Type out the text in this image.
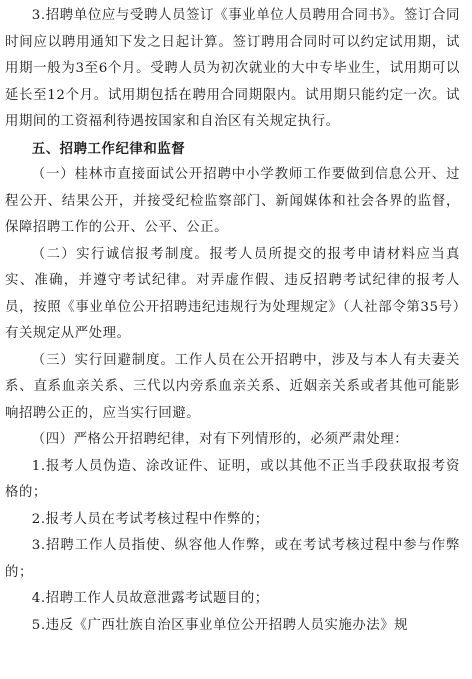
3.招聘单位应与受聘人员签订《事业单位人员聘用合同书》。签订合同时间应以聘用通知下发之日起计算。签订聘用合同时可以约定试用期，试用期一般为3至6个月。受聘人员为初次就业的大中专毕业生，试用期可以延长至12个月。试用期包括在聘用合同期限内。试用期只能约定一次。试用期间的工资福利待遇按国家和自治区有关规定执行。

五、招聘工作纪律和监督

（一）桂林市直接面试公开招聘中小学教师工作要做到信息公开、过程公开、结果公开，并接受纪检监察部门、新闻媒体和社会各界的监督，保障招聘工作的公开、公平、公正。

（二）实行诚信报考制度。报考人员所提交的报考申请材料应当真实、准确，并遵守考试纪律。对弄虚作假、违反招聘考试纪律的报考人员，按照《事业单位公开招聘违纪违规行为处理规定》（人社部令第35号）有关规定从严处理。

（三）实行回避制度。工作人员在公开招聘中，涉及与本人有夫妻关系、直系血亲关系、三代以内旁系血亲关系、近姻亲关系或者其他可能影响招聘公正的，应当实行回避。

（四）严格公开招聘纪律，对有下列情形的，必须严肃处理：

1.报考人员伪造、涂改证件、证明，或以其他不正当手段获取报考资格的；

2.报考人员在考试考核过程中作弊的；

3.招聘工作人员指使、纵容他人作弊，或在考试考核过程中参与作弊的；

4.招聘工作人员故意泄露考试题目的；

5.违反《广西壮族自治区事业单位公开招聘人员实施办法》规
